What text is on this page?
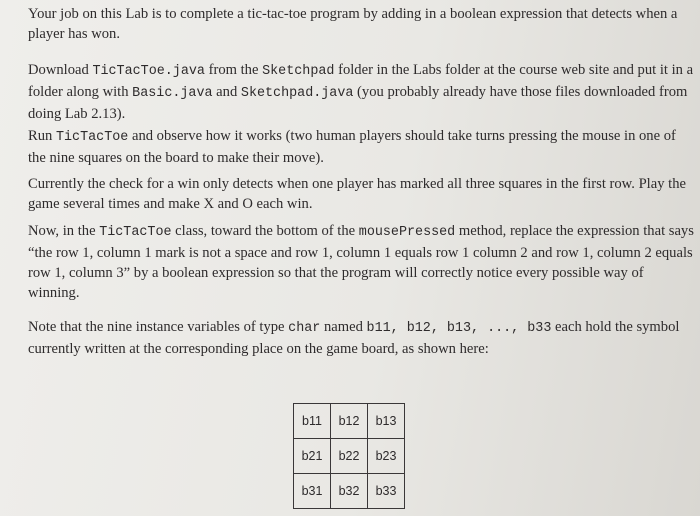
Your job on this Lab is to complete a tic-tac-toe program by adding in a boolean expression that detects when a player has won.

Download TicTacToe.java from the Sketchpad folder in the Labs folder at the course web site and put it in a folder along with Basic.java and Sketchpad.java (you probably already have those files downloaded from doing Lab 2.13).

Run TicTacToe and observe how it works (two human players should take turns pressing the mouse in one of the nine squares on the board to make their move).

Currently the check for a win only detects when one player has marked all three squares in the first row. Play the game several times and make X and O each win.

Now, in the TicTacToe class, toward the bottom of the mousePressed method, replace the expression that says “the row 1, column 1 mark is not a space and row 1, column 1 equals row 1 column 2 and row 1, column 2 equals row 1, column 3” by a boolean expression so that the program will correctly notice every possible way of winning.

Note that the nine instance variables of type char named b11, b12, b13, ..., b33 each hold the symbol currently written at the corresponding place on the game board, as shown here:

b11	b12	b13
b21	b22	b23
b31	b32	b33
